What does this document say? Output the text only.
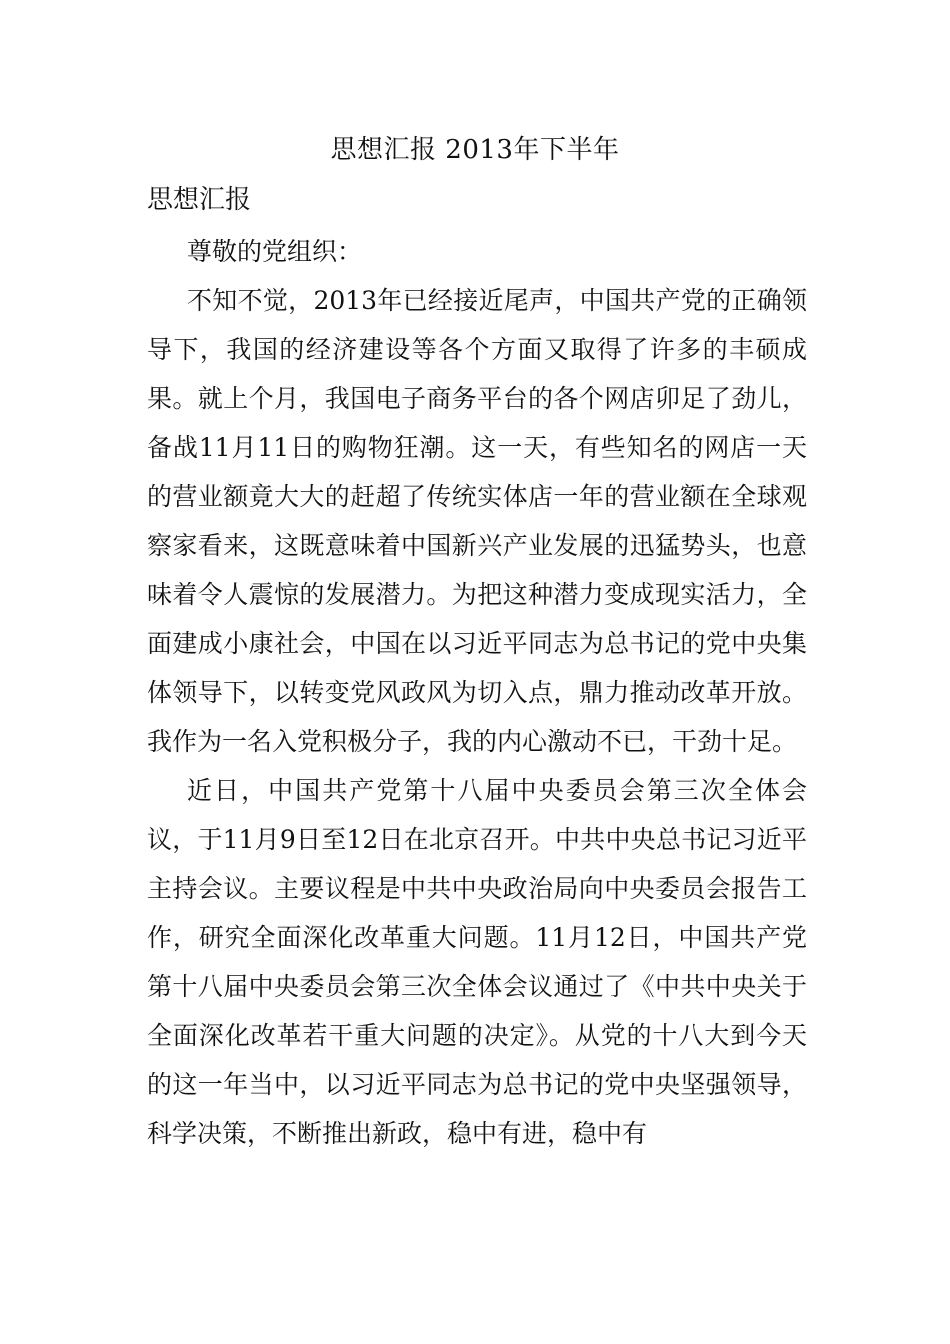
思想汇报 2013年下半年
思想汇报

尊敬的党组织：

不知不觉，2013年已经接近尾声，中国共产党的正确领导下，我国的经济建设等各个方面又取得了许多的丰硕成果。就上个月，我国电子商务平台的各个网店卯足了劲儿，备战11月11日的购物狂潮。这一天，有些知名的网店一天的营业额竟大大的赶超了传统实体店一年的营业额在全球观察家看来，这既意味着中国新兴产业发展的迅猛势头，也意味着令人震惊的发展潜力。为把这种潜力变成现实活力，全面建成小康社会，中国在以习近平同志为总书记的党中央集体领导下，以转变党风政风为切入点，鼎力推动改革开放。我作为一名入党积极分子，我的内心激动不已，干劲十足。

近日，中国共产党第十八届中央委员会第三次全体会议，于11月9日至12日在北京召开。中共中央总书记习近平主持会议。主要议程是中共中央政治局向中央委员会报告工作，研究全面深化改革重大问题。11月12日，中国共产党第十八届中央委员会第三次全体会议通过了《中共中央关于全面深化改革若干重大问题的决定》。从党的十八大到今天的这一年当中，以习近平同志为总书记的党中央坚强领导，科学决策，不断推出新政，稳中有进，稳中有
